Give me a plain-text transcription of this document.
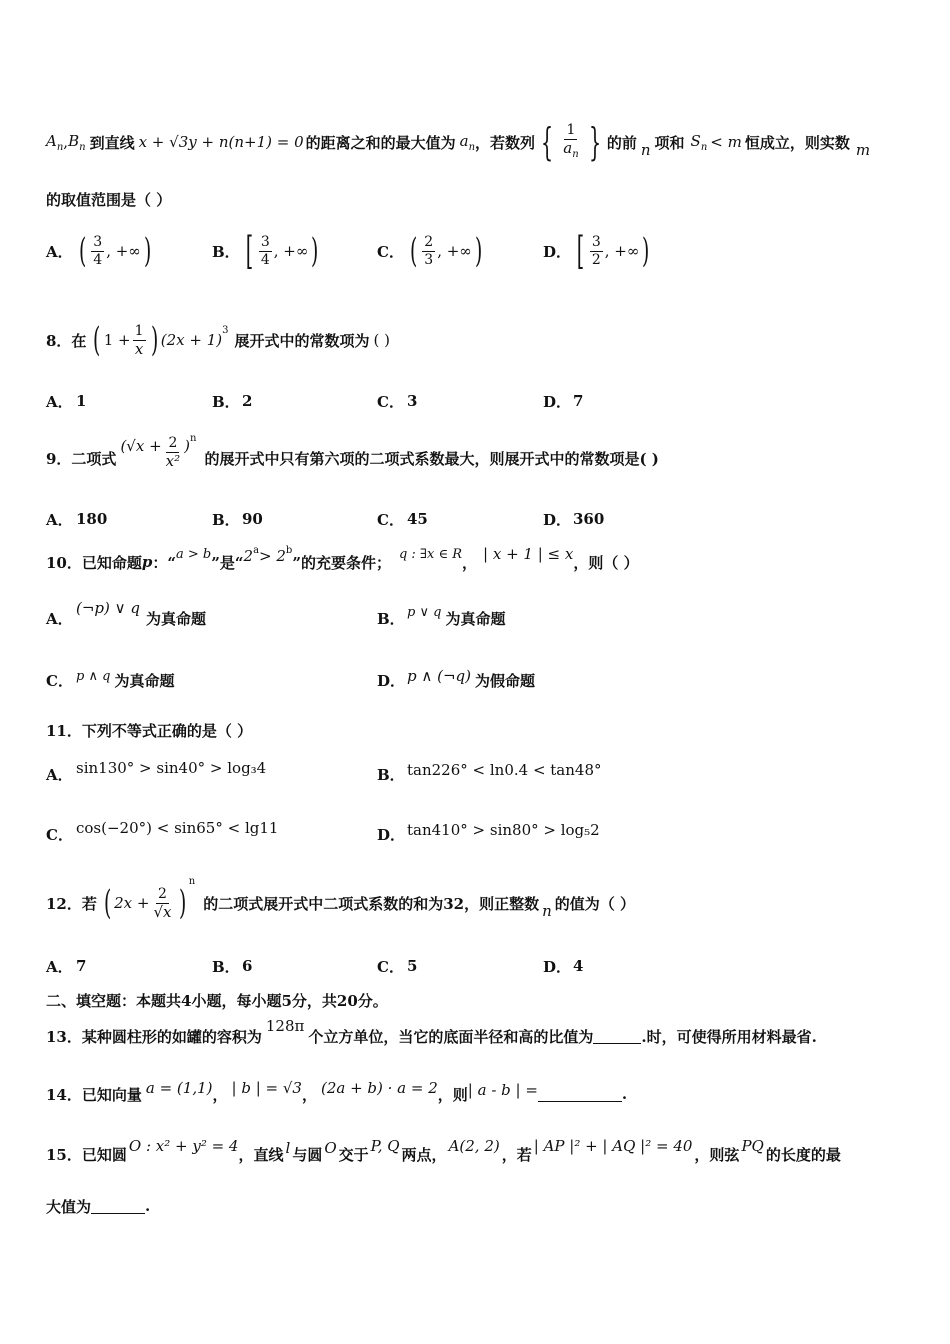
$A_n$ , $B_n$ 到直线 x + √3y + n(n+1) = 0 的距离之和的最大值为 $a_n$ ，若数列 { $\frac{1}{a_n}$ } 的前 n 项和 $S_n < m$ 恒成立，则实数 m
的取值范围是（ ）
A． ( $\frac{3}{4}$ , +∞ )	B． [ $\frac{3}{4}$ , +∞ )	C． ( $\frac{2}{3}$ , +∞ )	D． [ $\frac{3}{2}$ , +∞ )
8．在 ( $1 + \frac{1}{x}$ ) (2x + 1)
3
展开式中的常数项为 ( )
A． 1	B． 2	C． 3	D． 7
9．二项式
($√x + \frac{2}{\text{x²}}$ ) n
的展开式中只有第六项的二项式系数最大，则展开式中的常数项是( )
A． 180	B． 90	C． 45	D． 360
10．已知命题 p ：“ a > b ”是“ 2 a > 2 b
”的充要条件； q : ∃x ∈ R ， | x + 1 | ≤ x ，则（ ）
A．
(¬p) ∨ q
为真命题	B． p ∨ q 为真命题
C． p ∧ q 为真命题	D． p ∧ (¬q) 为假命题
11．下列不等式正确的是（ ）
A． sin130° > sin40° > log₃4	B． tan226° < ln0.4 < tan48°
C． cos(−20°) < sin65° < lg11	D． tan410° > sin80° > log₅2
12．若 ( $2x + \frac{2}{√x}$ )
n
的二项式展开式中二项式系数的和为32，则正整数 n 的值为（ ）
A． 7	B． 6	C． 5	D． 4
二、填空题：本题共4小题，每小题5分，共20分。
13．某种圆柱形的如罐的容积为
128π
个立方单位，当它的底面半径和高的比值为	.时，可使得所用材料最省.
14．已知向量 a = (1,1) ， | b | = √3 ， (2a + b) · a = 2 ，则 | a - b | =	.
15．已知圆 O : x² + y² = 4 ，直线 l 与圆 O 交于 P, Q 两点， A(2, 2) ，若 | AP |² + | AQ |² = 40 ，则弦 PQ 的长度的最
大值为	.
